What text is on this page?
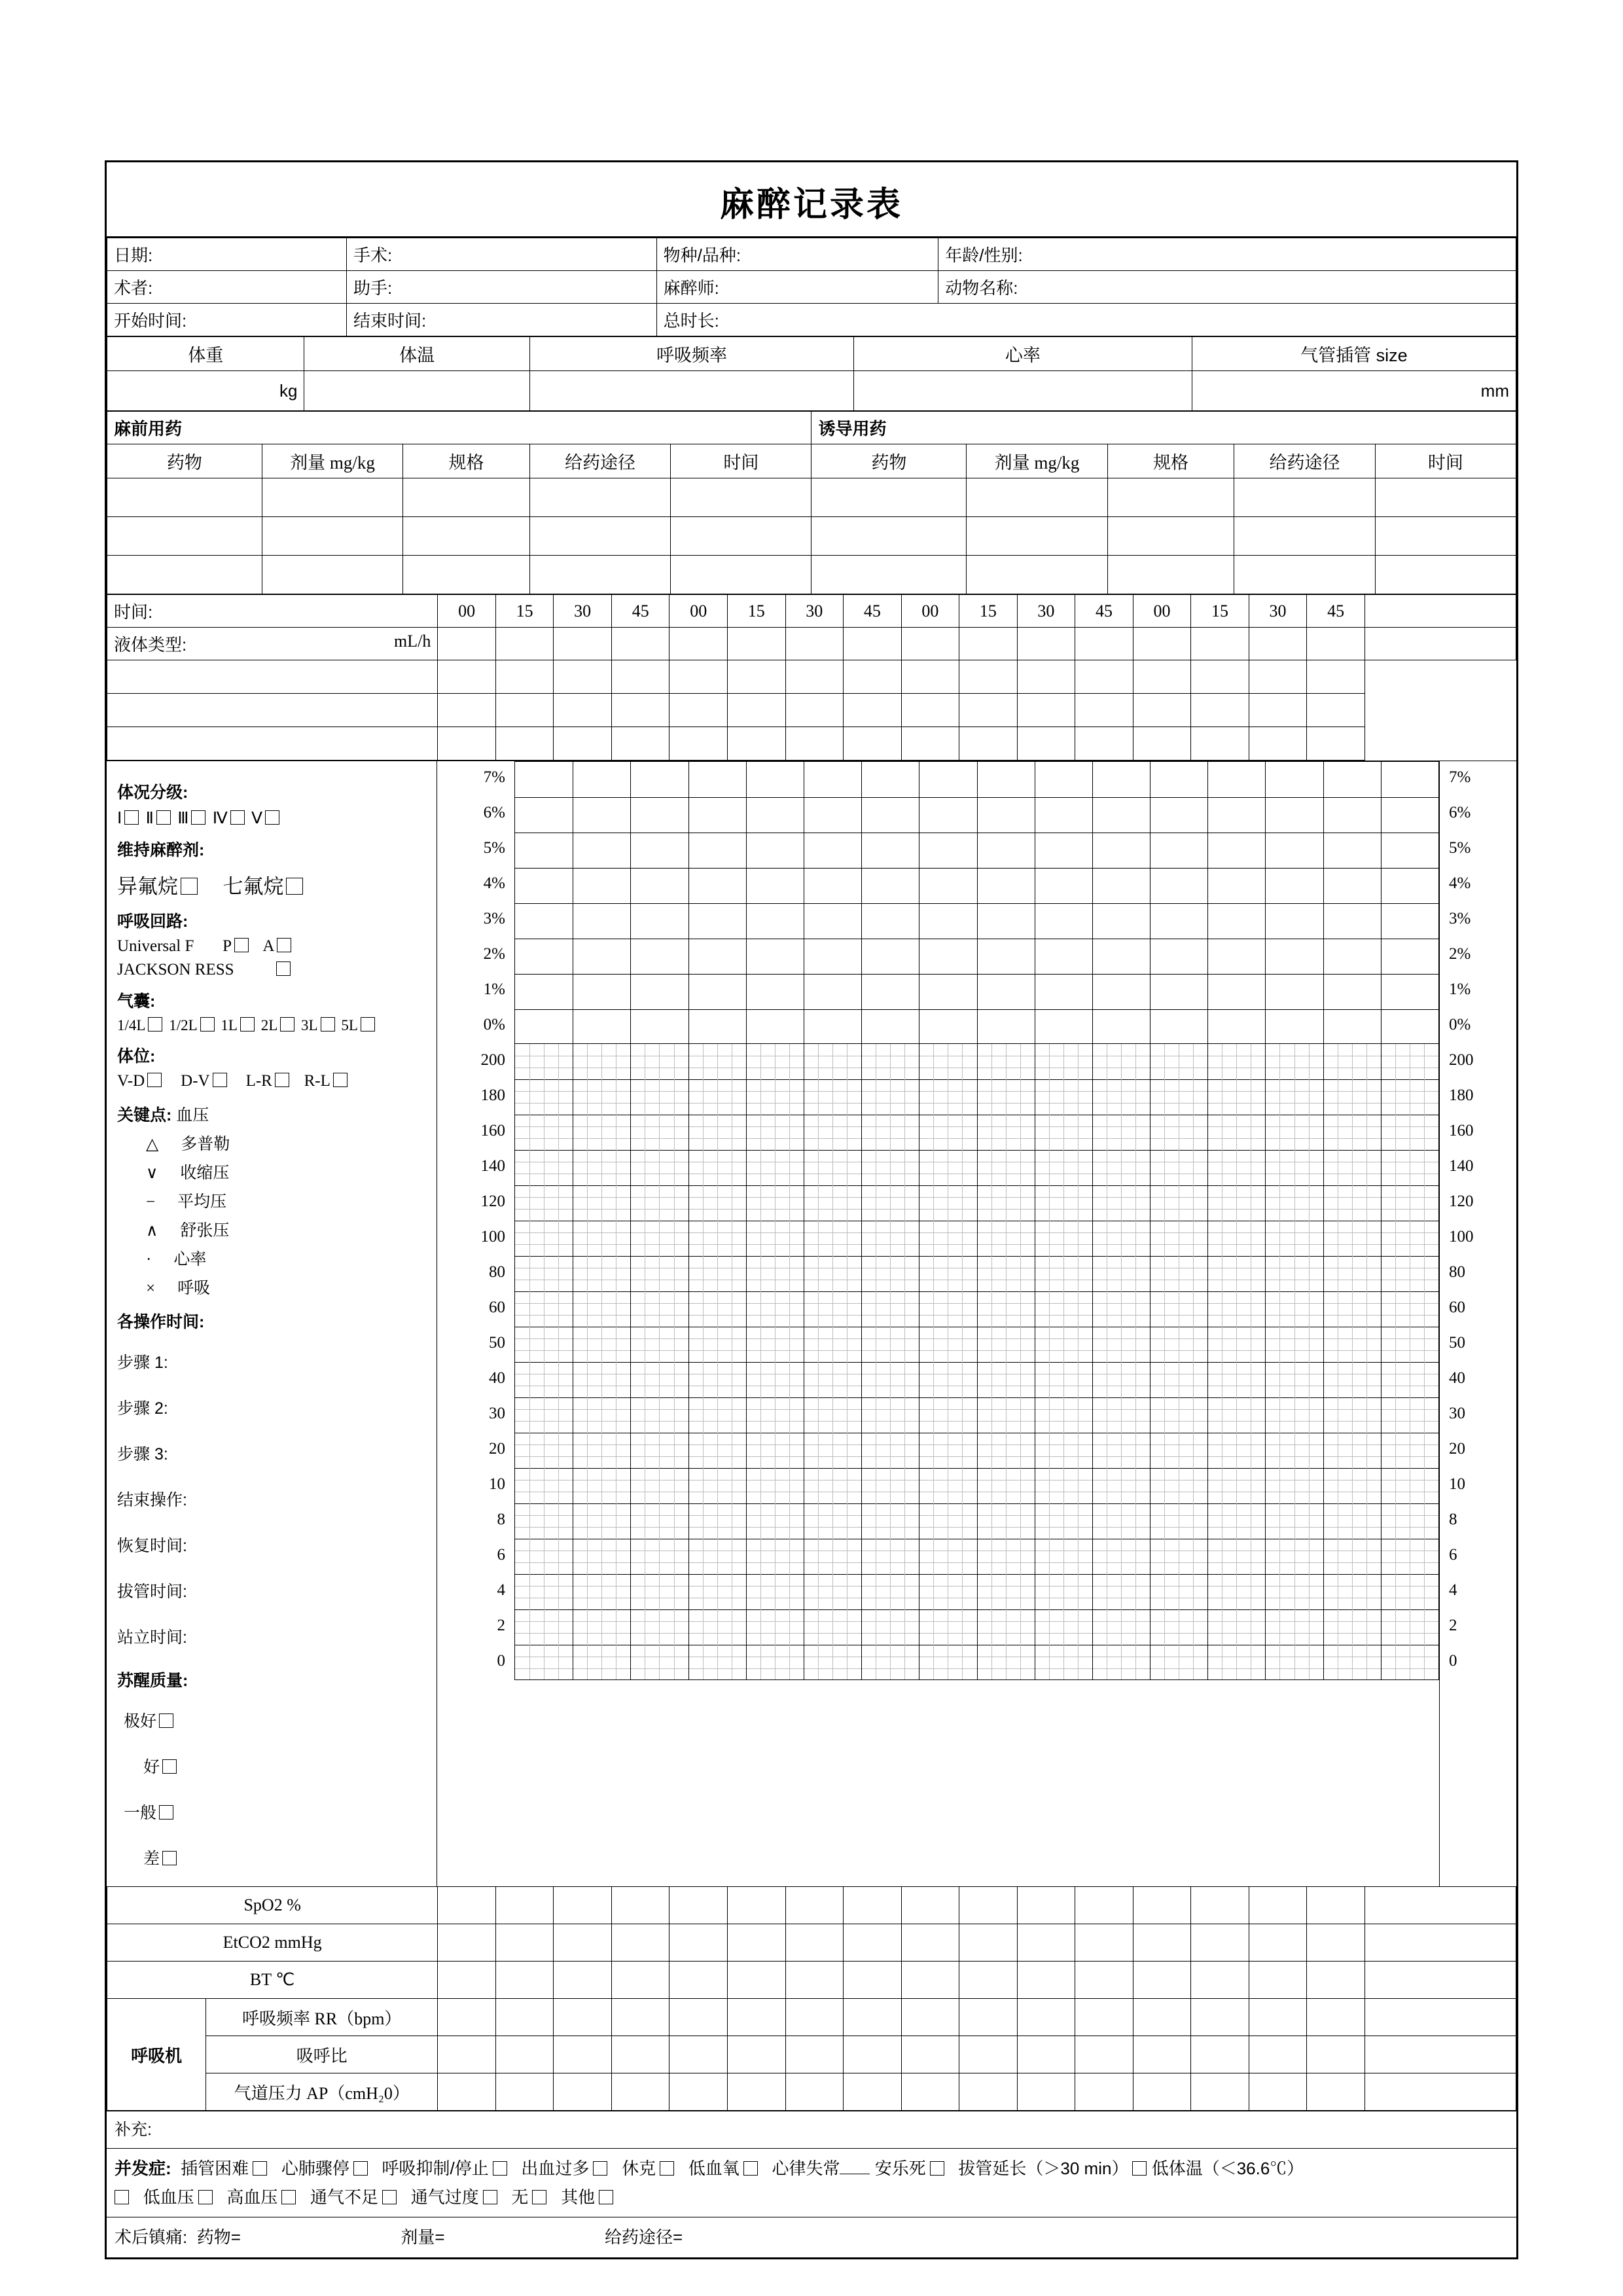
麻醉记录表
日期:	手术:	物种/品种:	年龄/性别:
术者:	助手:	麻醉师:	动物名称:
开始时间:	结束时间:	总时长:	
体重	体温	呼吸频率	心率	气管插管 size
kg				mm
麻前用药					诱导用药				
药物	剂量 mg/kg	规格	给药途径	时间	药物	剂量 mg/kg	规格	给药途径	时间

时间:	00	15	30	45	00	15	30	45	00	15	30	45	00	15	30	45	
液体类型: mL/h																	

体况分级:
Ⅰ Ⅱ Ⅲ Ⅳ Ⅴ
维持麻醉剂:
异氟烷 七氟烷
呼吸回路:
Universal F P A
JACKSON RESS
气囊:
1/4L 1/2L 1L 2L 3L 5L
体位:
V-D D-V L-R R-L
关键点: 血压
△ 多普勒
∨ 收缩压
− 平均压
∧ 舒张压
· 心率
× 呼吸
各操作时间:
步骤 1:
步骤 2:
步骤 3:
结束操作:
恢复时间:
拔管时间:
站立时间:
苏醒质量:
极好
好
一般
差
7%
6%
5%
4%
3%
2%
1%
0%
200
180
160
140
120
100
80
60
50
40
30
20
10
8
6
4
2
0
7%
6%
5%
4%
3%
2%
1%
0%
200
180
160
140
120
100
80
60
50
40
30
20
10
8
6
4
2
0
SpO2 %																		
EtCO2 mmHg																		
BT ℃																		
呼吸机	呼吸频率 RR（bpm）																	
	吸呼比																	
	气道压力 AP（cmH₂0）																	
补充:
并发症: 插管困难 心肺骤停 呼吸抑制/停止 出血过多 休克 低血氧 心律失常 安乐死 拔管延长（＞30 min） 低体温（＜36.6℃）
低血压 高血压 通气不足 通气过度 无 其他
术后镇痛: 药物=	剂量=	给药途径=
